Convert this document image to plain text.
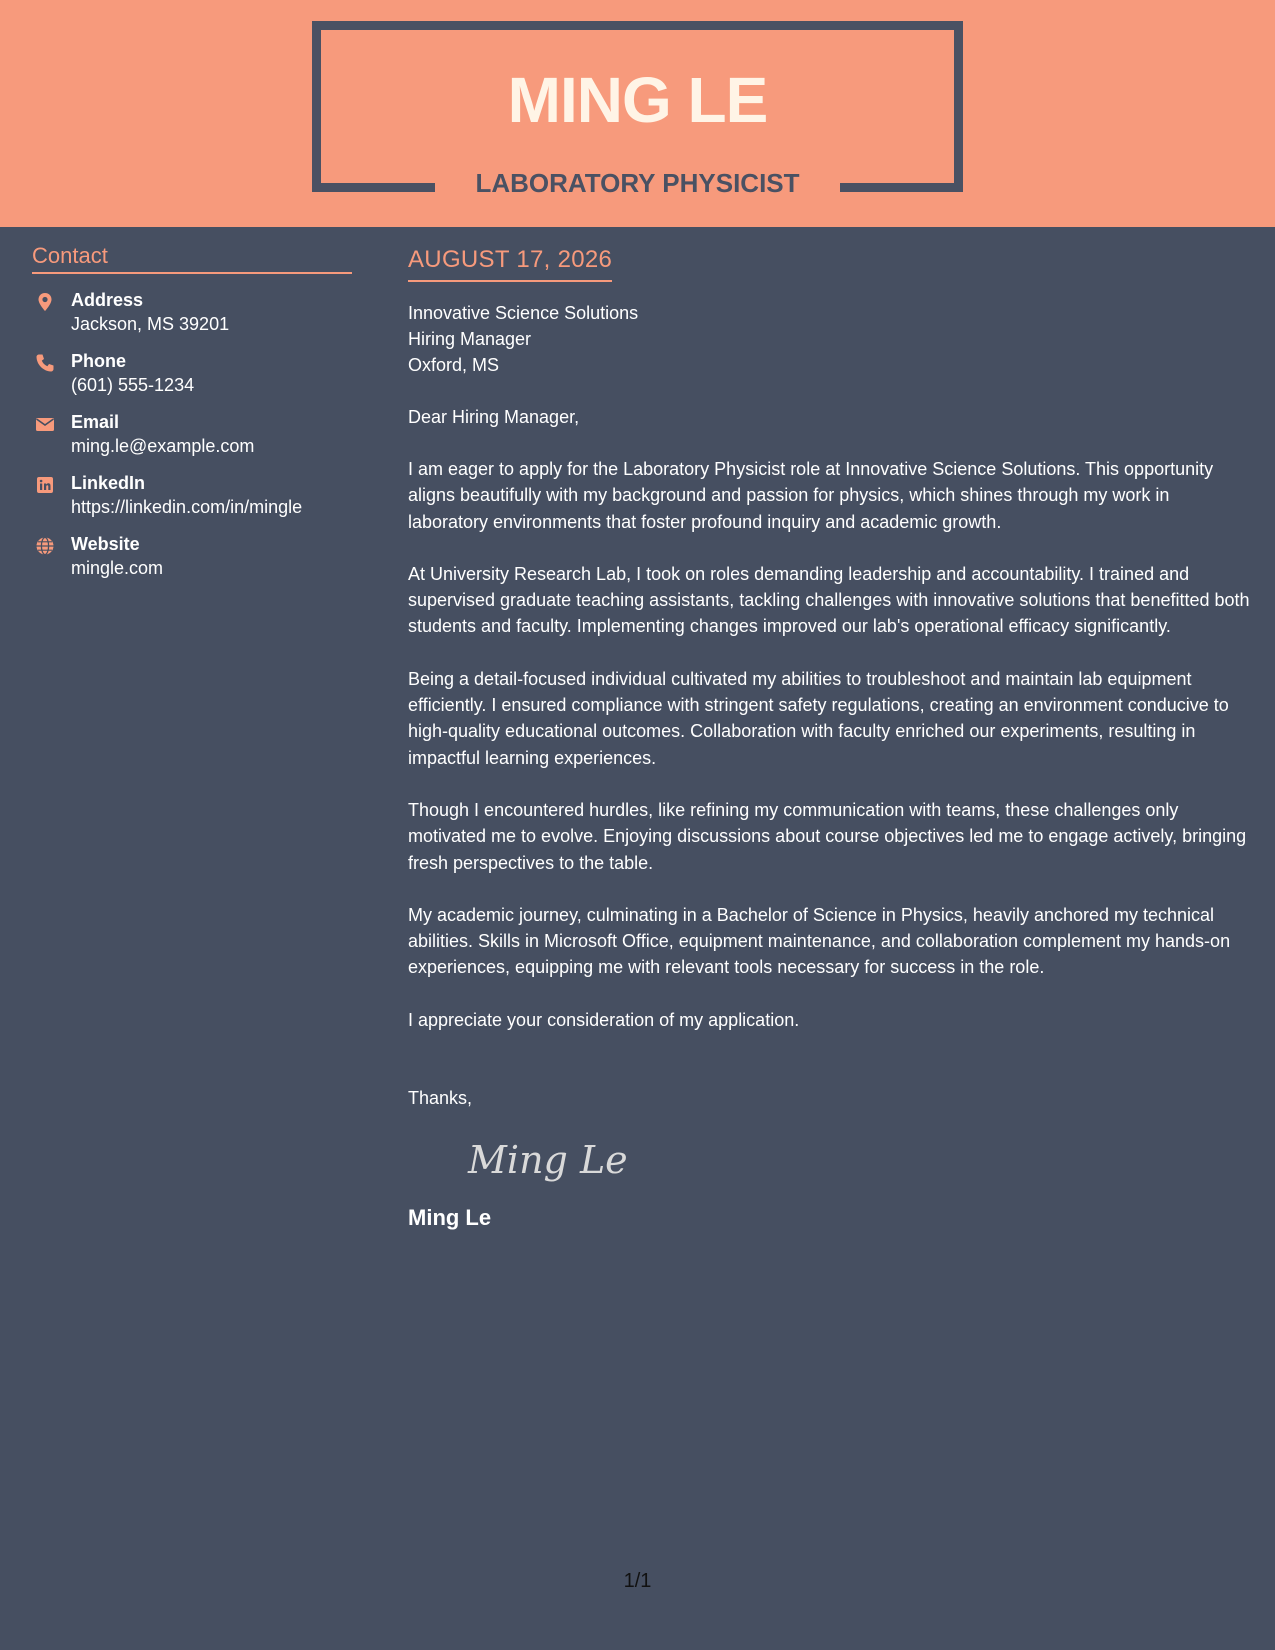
MING LE
LABORATORY PHYSICIST
Contact
Address
Jackson, MS 39201
Phone
(601) 555-1234
Email
ming.le@example.com
LinkedIn
https://linkedin.com/in/mingle
Website
mingle.com
AUGUST 17, 2026
Innovative Science Solutions
Hiring Manager
Oxford, MS
Dear Hiring Manager,
I am eager to apply for the Laboratory Physicist role at Innovative Science Solutions. This opportunity aligns beautifully with my background and passion for physics, which shines through my work in laboratory environments that foster profound inquiry and academic growth.
At University Research Lab, I took on roles demanding leadership and accountability. I trained and supervised graduate teaching assistants, tackling challenges with innovative solutions that benefitted both students and faculty. Implementing changes improved our lab's operational efficacy significantly.
Being a detail-focused individual cultivated my abilities to troubleshoot and maintain lab equipment efficiently. I ensured compliance with stringent safety regulations, creating an environment conducive to high-quality educational outcomes. Collaboration with faculty enriched our experiments, resulting in impactful learning experiences.
Though I encountered hurdles, like refining my communication with teams, these challenges only motivated me to evolve. Enjoying discussions about course objectives led me to engage actively, bringing fresh perspectives to the table.
My academic journey, culminating in a Bachelor of Science in Physics, heavily anchored my technical abilities. Skills in Microsoft Office, equipment maintenance, and collaboration complement my hands-on experiences, equipping me with relevant tools necessary for success in the role.
I appreciate your consideration of my application.
Thanks,
Ming Le
Ming Le
1/1
